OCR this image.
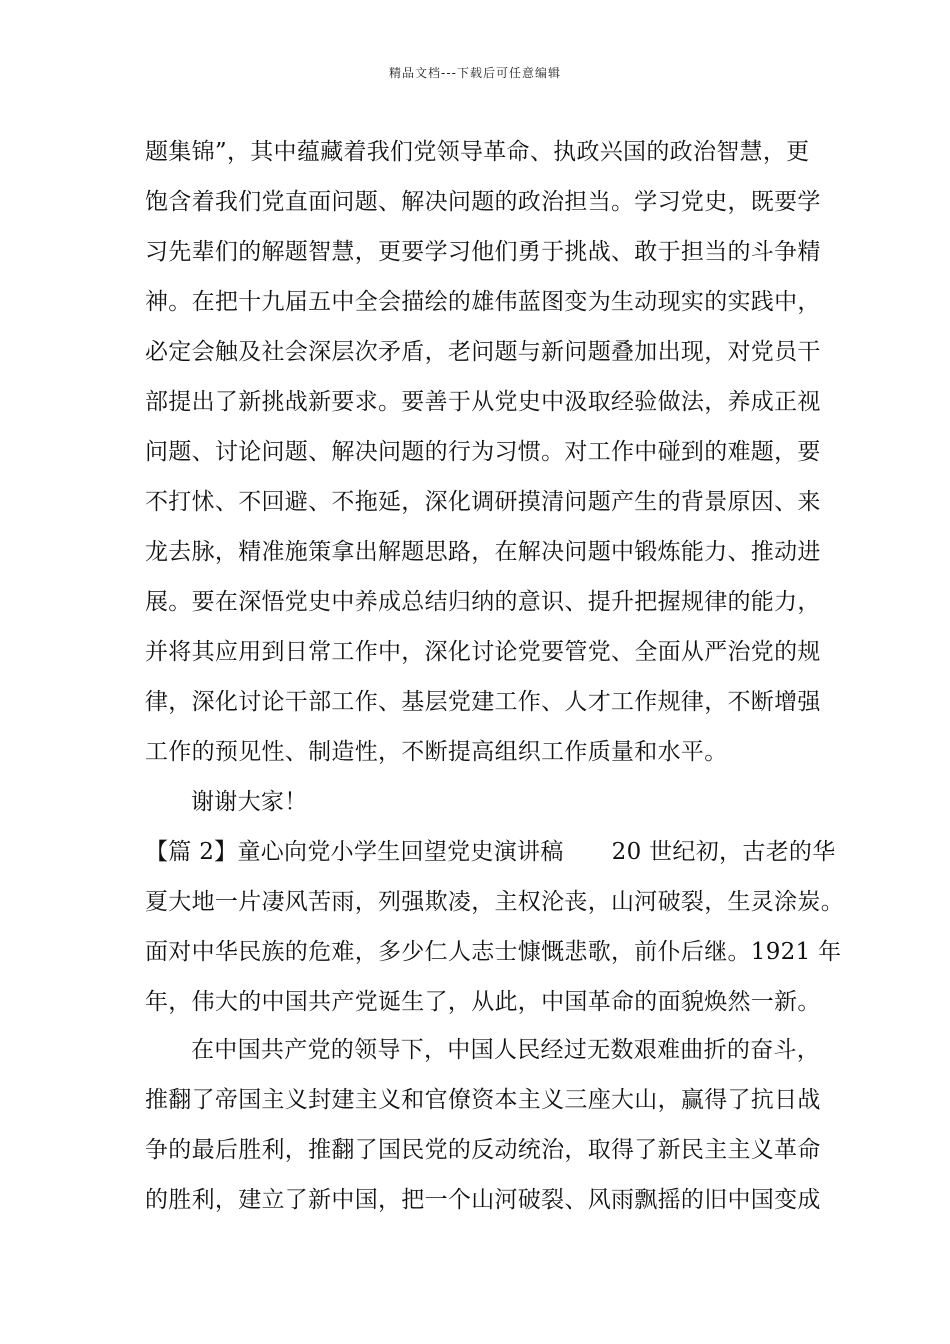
精品文档---下载后可任意编辑
题集锦”，其中蕴藏着我们党领导革命、执政兴国的政治智慧，更
饱含着我们党直面问题、解决问题的政治担当。学习党史，既要学
习先辈们的解题智慧，更要学习他们勇于挑战、敢于担当的斗争精
神。在把十九届五中全会描绘的雄伟蓝图变为生动现实的实践中，
必定会触及社会深层次矛盾，老问题与新问题叠加出现，对党员干
部提出了新挑战新要求。要善于从党史中汲取经验做法，养成正视
问题、讨论问题、解决问题的行为习惯。对工作中碰到的难题，要
不打怵、不回避、不拖延，深化调研摸清问题产生的背景原因、来
龙去脉，精准施策拿出解题思路，在解决问题中锻炼能力、推动进
展。要在深悟党史中养成总结归纳的意识、提升把握规律的能力，
并将其应用到日常工作中，深化讨论党要管党、全面从严治党的规
律，深化讨论干部工作、基层党建工作、人才工作规律，不断增强
工作的预见性、制造性，不断提高组织工作质量和水平。
谢谢大家！
【篇 2】童心向党小学生回望党史演讲稿 20 世纪初，古老的华
夏大地一片凄风苦雨，列强欺凌，主权沦丧，山河破裂，生灵涂炭。
面对中华民族的危难，多少仁人志士慷慨悲歌，前仆后继。1921 年
年，伟大的中国共产党诞生了，从此，中国革命的面貌焕然一新。
在中国共产党的领导下，中国人民经过无数艰难曲折的奋斗，
推翻了帝国主义封建主义和官僚资本主义三座大山，赢得了抗日战
争的最后胜利，推翻了国民党的反动统治，取得了新民主主义革命
的胜利，建立了新中国，把一个山河破裂、风雨飘摇的旧中国变成
